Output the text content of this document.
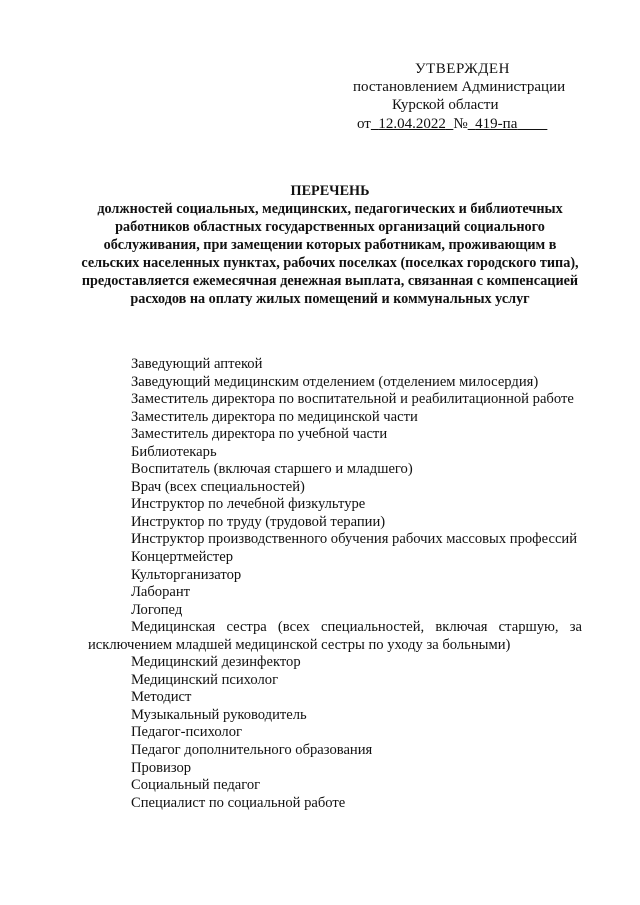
УТВЕРЖДЕН
постановлением Администрации
Курской области
от 12.04.2022 № 419-па
ПЕРЕЧЕНЬ

должностей социальных, медицинских, педагогических и библиотечных работников областных государственных организаций социального обслуживания, при замещении которых работникам, проживающим в сельских населенных пунктах, рабочих поселках (поселках городского типа), предоставляется ежемесячная денежная выплата, связанная с компенсацией расходов на оплату жилых помещений и коммунальных услуг

Заведующий аптекой
Заведующий медицинским отделением (отделением милосердия)
Заместитель директора по воспитательной и реабилитационной работе
Заместитель директора по медицинской части
Заместитель директора по учебной части
Библиотекарь
Воспитатель (включая старшего и младшего)
Врач (всех специальностей)
Инструктор по лечебной физкультуре
Инструктор по труду (трудовой терапии)
Инструктор производственного обучения рабочих массовых профессий
Концертмейстер
Культорганизатор
Лаборант
Логопед
Медицинская сестра (всех специальностей, включая старшую, за исключением младшей медицинской сестры по уходу за больными)
Медицинский дезинфектор
Медицинский психолог
Методист
Музыкальный руководитель
Педагог-психолог
Педагог дополнительного образования
Провизор
Социальный педагог
Специалист по социальной работе
